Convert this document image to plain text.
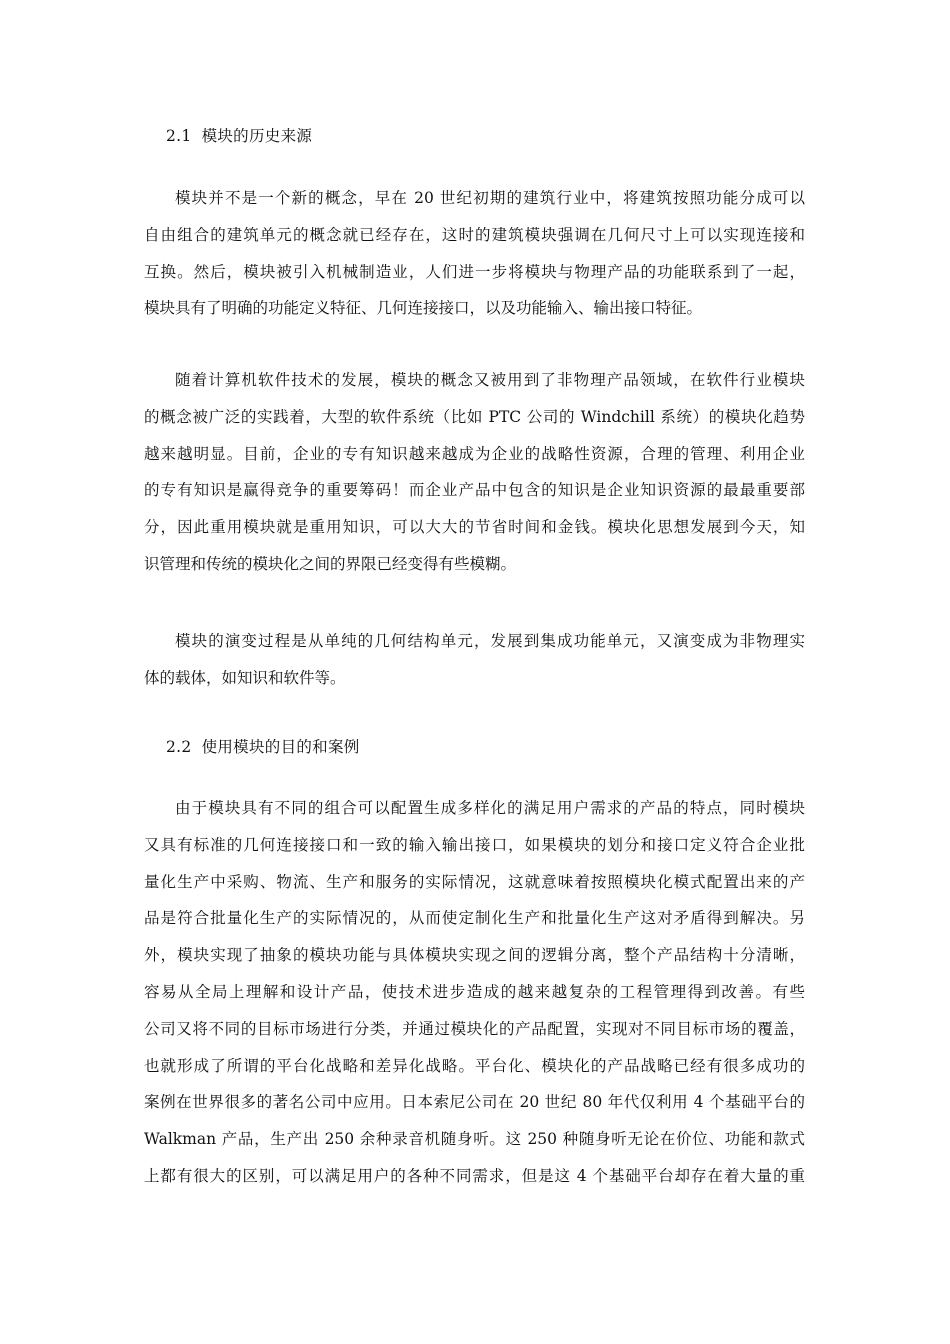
2.1 模块的历史来源
模块并不是一个新的概念，早在 20 世纪初期的建筑行业中，将建筑按照功能分成可以
自由组合的建筑单元的概念就已经存在，这时的建筑模块强调在几何尺寸上可以实现连接和
互换。然后，模块被引入机械制造业，人们进一步将模块与物理产品的功能联系到了一起，
模块具有了明确的功能定义特征、几何连接接口，以及功能输入、输出接口特征。
随着计算机软件技术的发展，模块的概念又被用到了非物理产品领域，在软件行业模块
的概念被广泛的实践着，大型的软件系统（比如 PTC 公司的 Windchill 系统）的模块化趋势
越来越明显。目前，企业的专有知识越来越成为企业的战略性资源，合理的管理、利用企业
的专有知识是赢得竞争的重要筹码！而企业产品中包含的知识是企业知识资源的最最重要部
分，因此重用模块就是重用知识，可以大大的节省时间和金钱。模块化思想发展到今天，知
识管理和传统的模块化之间的界限已经变得有些模糊。
模块的演变过程是从单纯的几何结构单元，发展到集成功能单元，又演变成为非物理实
体的载体，如知识和软件等。
2.2 使用模块的目的和案例
由于模块具有不同的组合可以配置生成多样化的满足用户需求的产品的特点，同时模块
又具有标准的几何连接接口和一致的输入输出接口，如果模块的划分和接口定义符合企业批
量化生产中采购、物流、生产和服务的实际情况，这就意味着按照模块化模式配置出来的产
品是符合批量化生产的实际情况的，从而使定制化生产和批量化生产这对矛盾得到解决。另
外，模块实现了抽象的模块功能与具体模块实现之间的逻辑分离，整个产品结构十分清晰，
容易从全局上理解和设计产品，使技术进步造成的越来越复杂的工程管理得到改善。有些
公司又将不同的目标市场进行分类，并通过模块化的产品配置，实现对不同目标市场的覆盖，
也就形成了所谓的平台化战略和差异化战略。平台化、模块化的产品战略已经有很多成功的
案例在世界很多的著名公司中应用。日本索尼公司在 20 世纪 80 年代仅利用 4 个基础平台的
Walkman 产品，生产出 250 余种录音机随身听。这 250 种随身听无论在价位、功能和款式
上都有很大的区别，可以满足用户的各种不同需求，但是这 4 个基础平台却存在着大量的重
